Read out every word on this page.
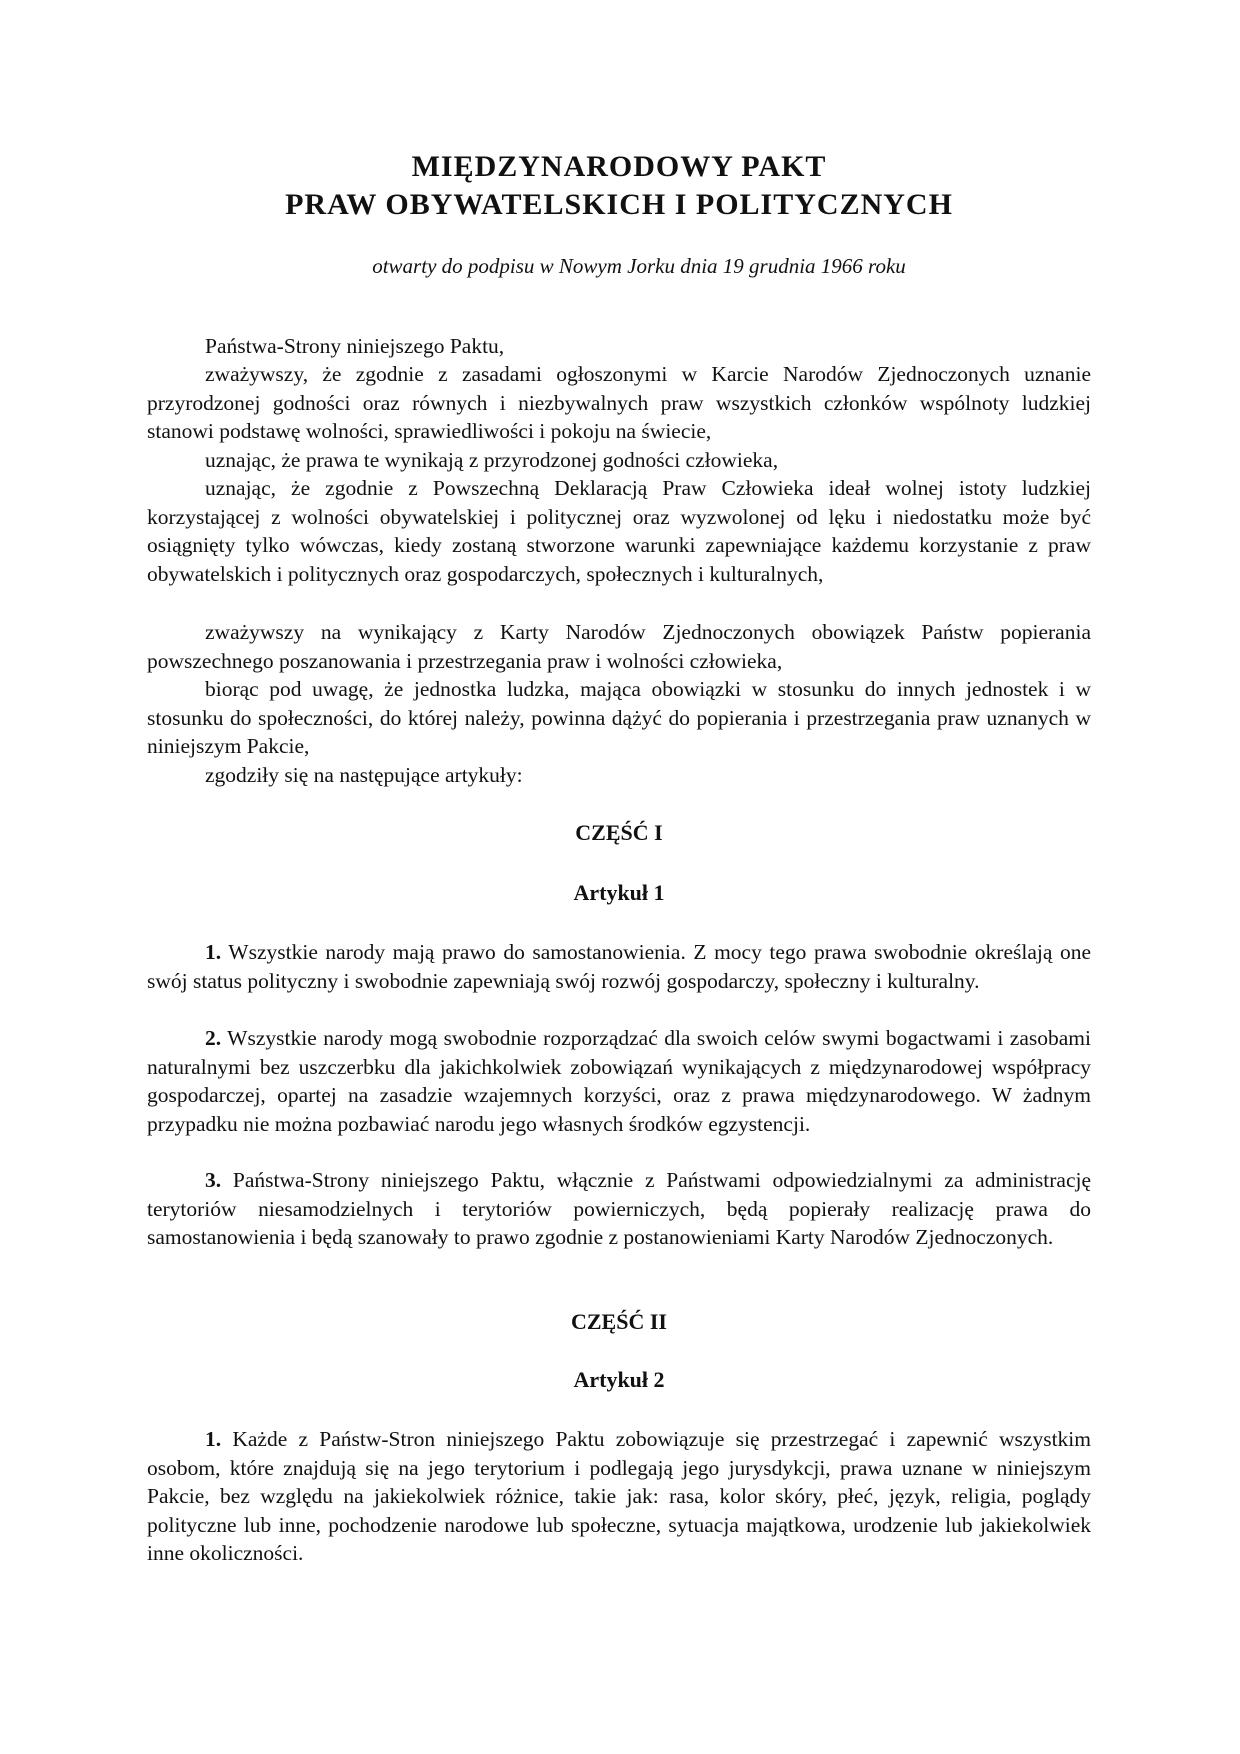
MIĘDZYNARODOWY PAKT
PRAW OBYWATELSKICH I POLITYCZNYCH
otwarty do podpisu w Nowym Jorku dnia 19 grudnia 1966 roku

Państwa-Strony niniejszego Paktu,

zważywszy, że zgodnie z zasadami ogłoszonymi w Karcie Narodów Zjednoczonych uznanie przyrodzonej godności oraz równych i niezbywalnych praw wszystkich członków wspólnoty ludzkiej stanowi podstawę wolności, sprawiedliwości i pokoju na świecie,

uznając, że prawa te wynikają z przyrodzonej godności człowieka,

uznając, że zgodnie z Powszechną Deklaracją Praw Człowieka ideał wolnej istoty ludzkiej korzystającej z wolności obywatelskiej i politycznej oraz wyzwolonej od lęku i niedostatku może być osiągnięty tylko wówczas, kiedy zostaną stworzone warunki zapewniające każdemu korzystanie z praw obywatelskich i politycznych oraz gospodarczych, społecznych i kulturalnych,

zważywszy na wynikający z Karty Narodów Zjednoczonych obowiązek Państw popierania powszechnego poszanowania i przestrzegania praw i wolności człowieka,

biorąc pod uwagę, że jednostka ludzka, mająca obowiązki w stosunku do innych jednostek i w stosunku do społeczności, do której należy, powinna dążyć do popierania i przestrzegania praw uznanych w niniejszym Pakcie,

zgodziły się na następujące artykuły:

CZĘŚĆ I
Artykuł 1

1. Wszystkie narody mają prawo do samostanowienia. Z mocy tego prawa swobodnie określają one swój status polityczny i swobodnie zapewniają swój rozwój gospodarczy, społeczny i kulturalny.

2. Wszystkie narody mogą swobodnie rozporządzać dla swoich celów swymi bogactwami i zasobami naturalnymi bez uszczerbku dla jakichkolwiek zobowiązań wynikających z międzynarodowej współpracy gospodarczej, opartej na zasadzie wzajemnych korzyści, oraz z prawa międzynarodowego. W żadnym przypadku nie można pozbawiać narodu jego własnych środków egzystencji.

3. Państwa-Strony niniejszego Paktu, włącznie z Państwami odpowiedzialnymi za administrację terytoriów niesamodzielnych i terytoriów powierniczych, będą popierały realizację prawa do samostanowienia i będą szanowały to prawo zgodnie z postanowieniami Karty Narodów Zjednoczonych.

CZĘŚĆ II
Artykuł 2

1. Każde z Państw-Stron niniejszego Paktu zobowiązuje się przestrzegać i zapewnić wszystkim osobom, które znajdują się na jego terytorium i podlegają jego jurysdykcji, prawa uznane w niniejszym Pakcie, bez względu na jakiekolwiek różnice, takie jak: rasa, kolor skóry, płeć, język, religia, poglądy polityczne lub inne, pochodzenie narodowe lub społeczne, sytuacja majątkowa, urodzenie lub jakiekolwiek inne okoliczności.
